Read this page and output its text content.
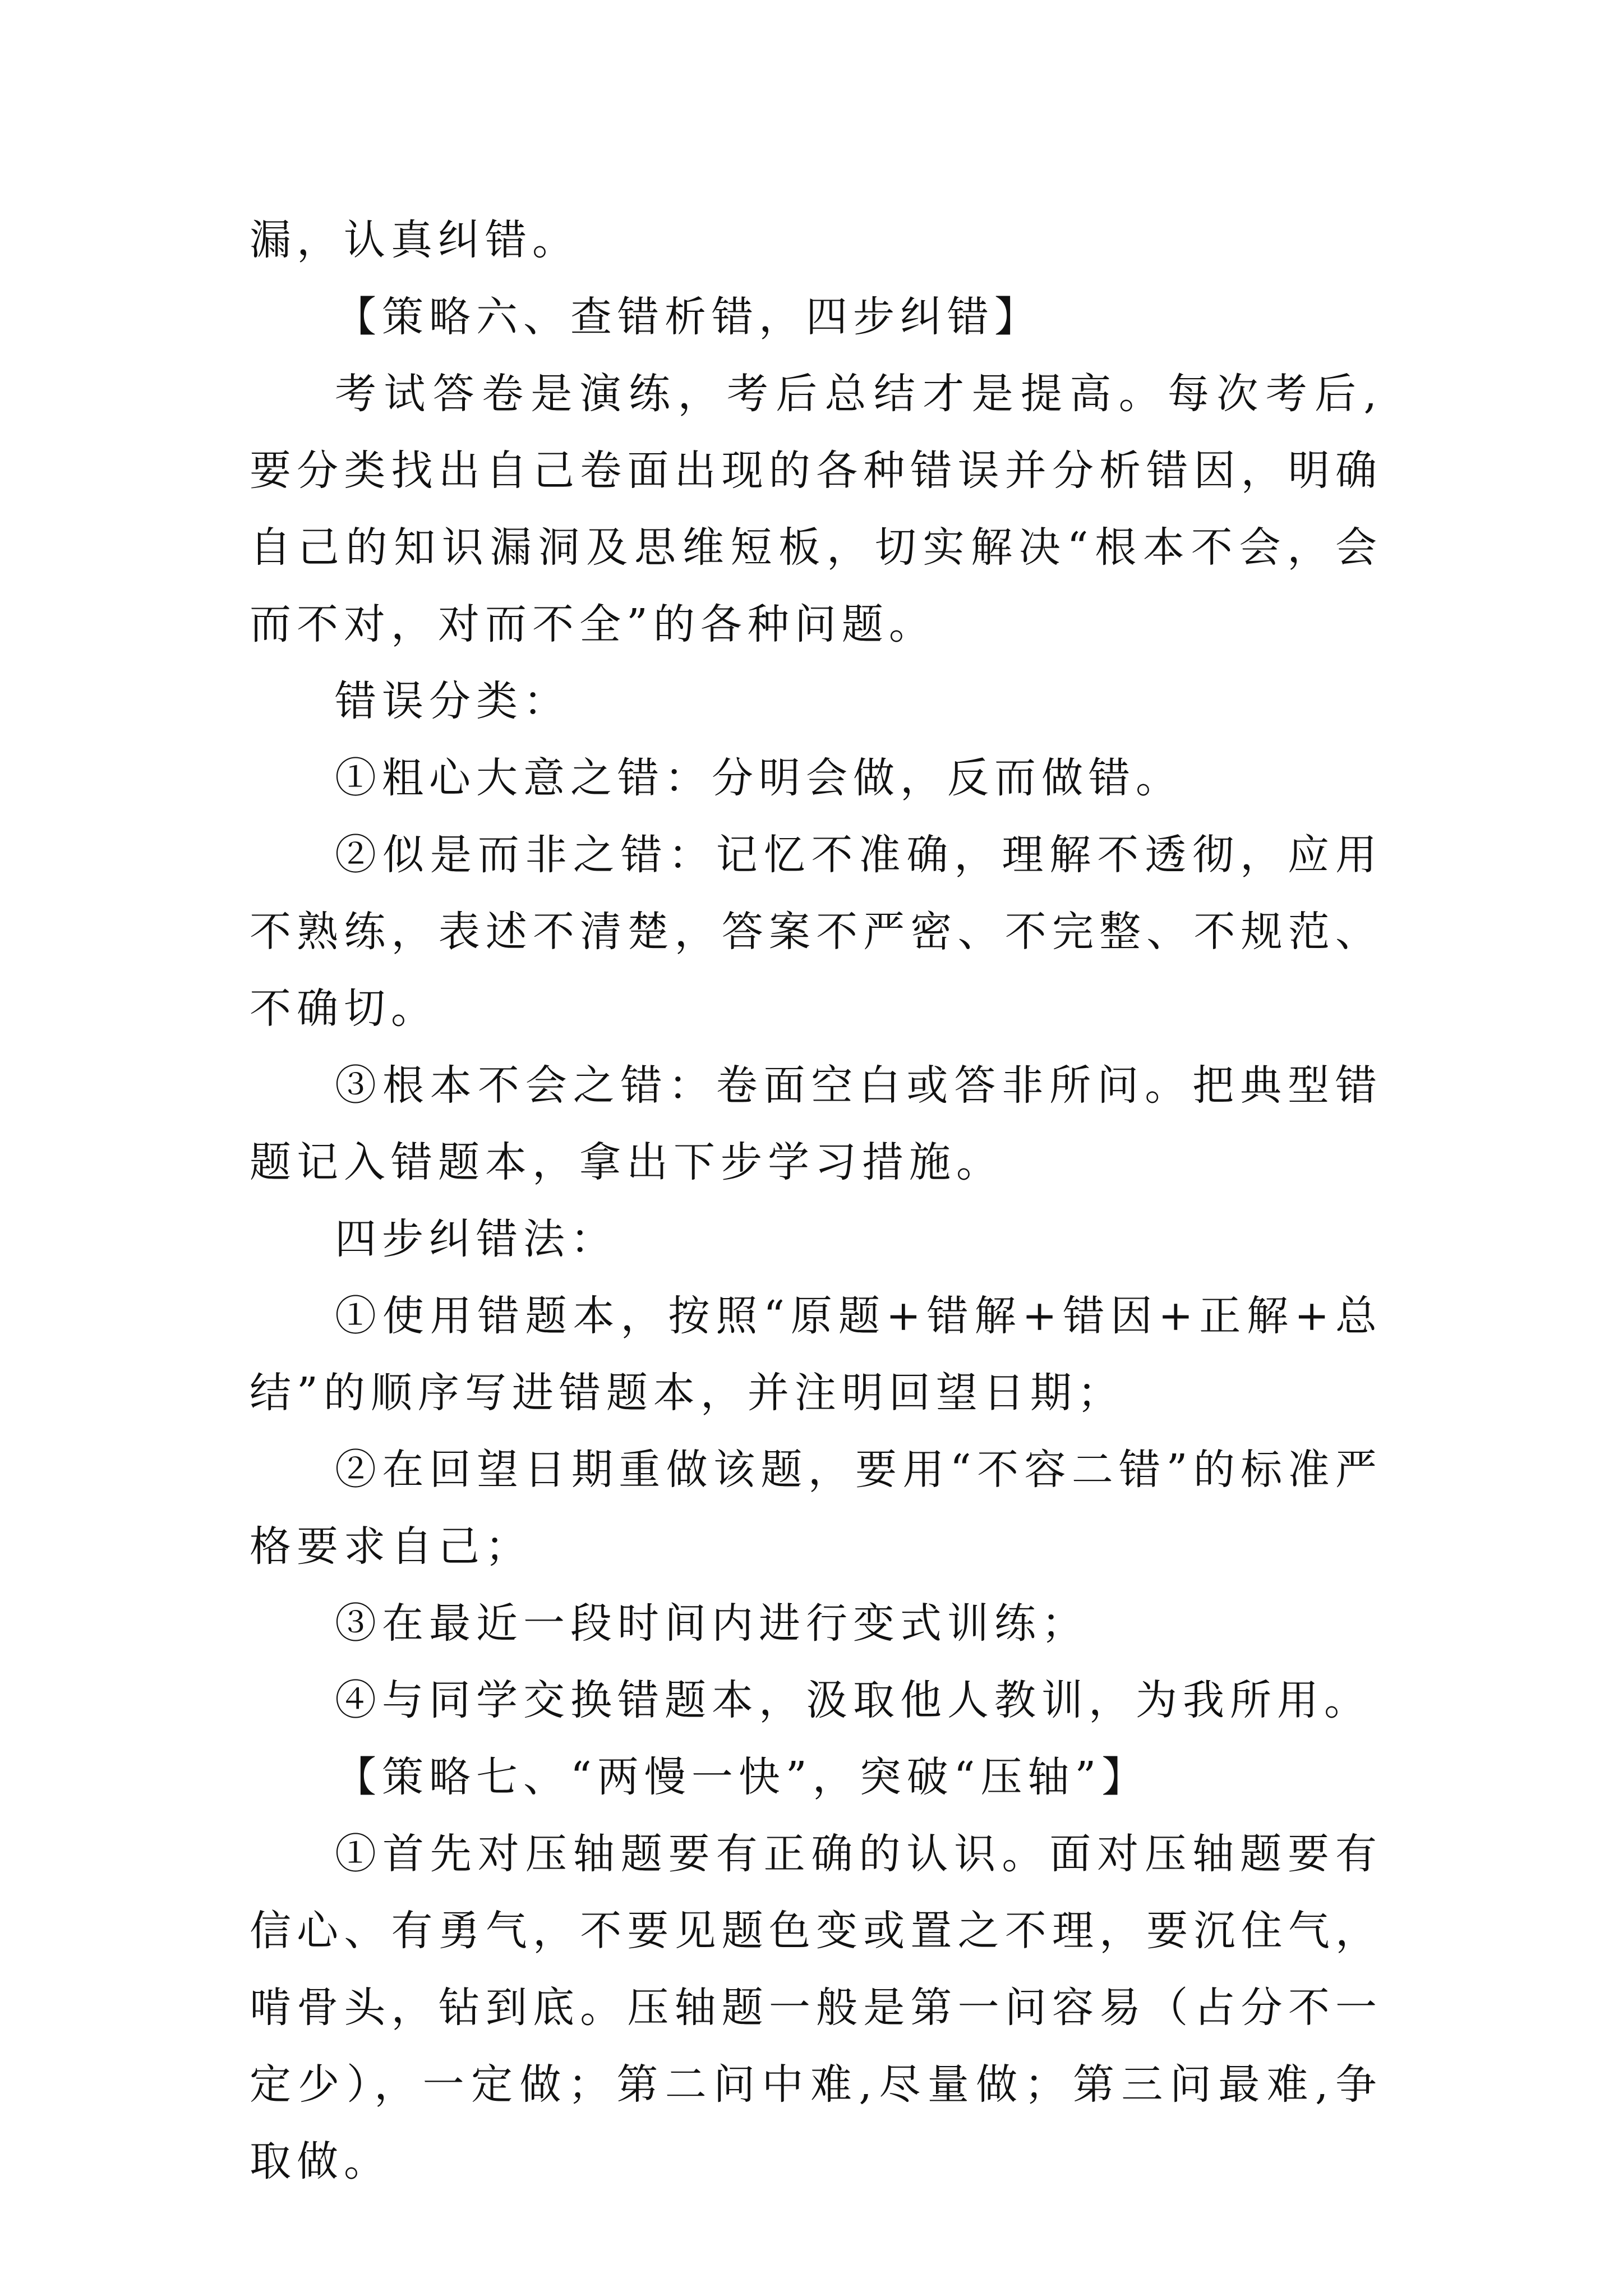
漏，认真纠错。

【策略六、查错析错，四步纠错】

考试答卷是演练，考后总结才是提高。每次考后,要分类找出自己卷面出现的各种错误并分析错因，明确自己的知识漏洞及思维短板，切实解决“根本不会，会而不对，对而不全”的各种问题。

错误分类：

①粗心大意之错：分明会做，反而做错。

②似是而非之错：记忆不准确，理解不透彻，应用不熟练，表述不清楚，答案不严密、不完整、不规范、不确切。

③根本不会之错：卷面空白或答非所问。把典型错题记入错题本，拿出下步学习措施。

四步纠错法：

①使用错题本，按照“原题+错解+错因+正解+总结”的顺序写进错题本，并注明回望日期；

②在回望日期重做该题，要用“不容二错”的标准严格要求自己；

③在最近一段时间内进行变式训练；

④与同学交换错题本，汲取他人教训，为我所用。

【策略七、“两慢一快”，突破“压轴”】

①首先对压轴题要有正确的认识。面对压轴题要有信心、有勇气，不要见题色变或置之不理，要沉住气，啃骨头，钻到底。压轴题一般是第一问容易（占分不一定少），一定做；第二问中难,尽量做；第三问最难,争取做。
